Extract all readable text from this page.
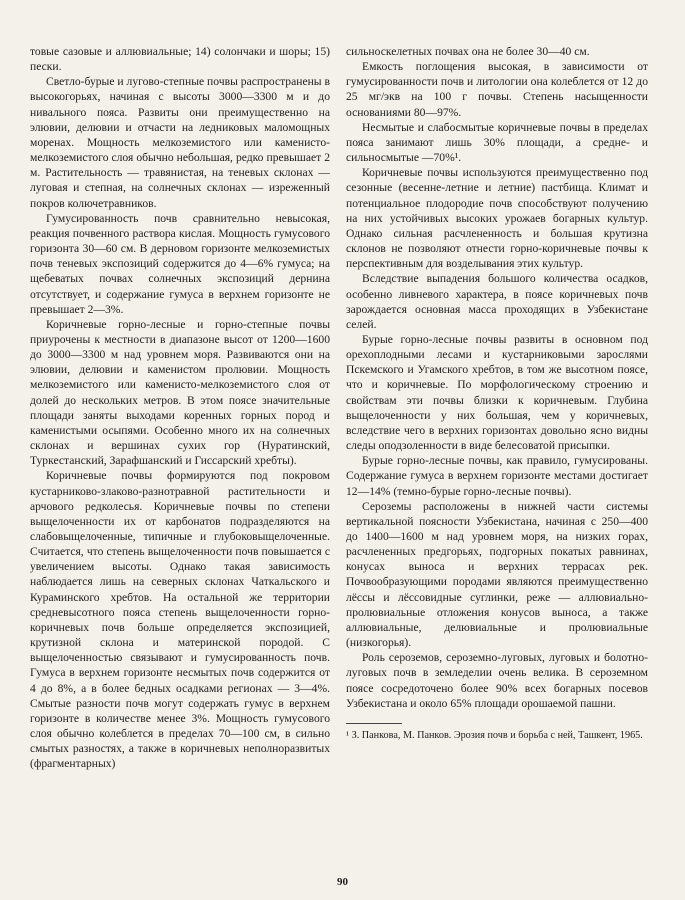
товые сазовые и аллювиальные; 14) солончаки и шоры; 15) пески.

Светло-бурые и лугово-степные почвы распространены в высокогорьях, начиная с высоты 3000—3300 м и до нивального пояса. Развиты они преимущественно на элювии, делювии и отчасти на ледниковых маломощных моренах. Мощность мелкоземистого или каменисто-мелкоземистого слоя обычно небольшая, редко превышает 2 м. Растительность — травянистая, на теневых склонах — луговая и степная, на солнечных склонах — изреженный покров колючетравников.

Гумусированность почв сравнительно невысокая, реакция почвенного раствора кислая. Мощность гумусового горизонта 30—60 см. В дерновом горизонте мелкоземистых почв теневых экспозиций содержится до 4—6% гумуса; на щебеватых почвах солнечных экспозиций дернина отсутствует, и содержание гумуса в верхнем горизонте не превышает 2—3%.

Коричневые горно-лесные и горно-степные почвы приурочены к местности в диапазоне высот от 1200—1600 до 3000—3300 м над уровнем моря. Развиваются они на элювии, делювии и каменистом пролювии. Мощность мелкоземистого или каменисто-мелкоземистого слоя от долей до нескольких метров. В этом поясе значительные площади заняты выходами коренных горных пород и каменистыми осыпями. Особенно много их на солнечных склонах и вершинах сухих гор (Нуратинский, Туркестанский, Зарафшанский и Гиссарский хребты).

Коричневые почвы формируются под покровом кустарниково-злаково-разнотравной растительности и арчового редколесья. Коричневые почвы по степени выщелоченности их от карбонатов подразделяются на слабовыщелоченные, типичные и глубоковыщелоченные. Считается, что степень выщелоченности почв повышается с увеличением высоты. Однако такая зависимость наблюдается лишь на северных склонах Чаткальского и Кураминского хребтов. На остальной же территории средневысотного пояса степень выщелоченности горно-коричневых почв больше определяется экспозицией, крутизной склона и материнской породой. С выщелоченностью связывают и гумусированность почв. Гумуса в верхнем горизонте несмытых почв содержится от 4 до 8%, а в более бедных осадками регионах — 3—4%. Смытые разности почв могут содержать гумус в верхнем горизонте в количестве менее 3%. Мощность гумусового слоя обычно колеблется в пределах 70—100 см, в сильно смытых разностях, а также в коричневых неполноразвитых (фрагментарных)

сильноскелетных почвах она не более 30—40 см.

Емкость поглощения высокая, в зависимости от гумусированности почв и литологии она колеблется от 12 до 25 мг/экв на 100 г почвы. Степень насыщенности основаниями 80—97%.

Несмытые и слабосмытые коричневые почвы в пределах пояса занимают лишь 30% площади, а средне- и сильносмытые —70%¹.

Коричневые почвы используются преимущественно под сезонные (весенне-летние и летние) пастбища. Климат и потенциальное плодородие почв способствуют получению на них устойчивых высоких урожаев богарных культур. Однако сильная расчлененность и большая крутизна склонов не позволяют отнести горно-коричневые почвы к перспективным для возделывания этих культур.

Вследствие выпадения большого количества осадков, особенно ливневого характера, в поясе коричневых почв зарождается основная масса проходящих в Узбекистане селей.

Бурые горно-лесные почвы развиты в основном под орехоплодными лесами и кустарниковыми зарослями Пскемского и Угамского хребтов, в том же высотном поясе, что и коричневые. По морфологическому строению и свойствам эти почвы близки к коричневым. Глубина выщелоченности у них большая, чем у коричневых, вследствие чего в верхних горизонтах довольно ясно видны следы оподзоленности в виде белесоватой присыпки.

Бурые горно-лесные почвы, как правило, гумусированы. Содержание гумуса в верхнем горизонте местами достигает 12—14% (темно-бурые горно-лесные почвы).

Сероземы расположены в нижней части системы вертикальной поясности Узбекистана, начиная с 250—400 до 1400—1600 м над уровнем моря, на низких горах, расчлененных предгорьях, подгорных покатых равнинах, конусах выноса и верхних террасах рек. Почвообразующими породами являются преимущественно лёссы и лёссовидные суглинки, реже — аллювиально-пролювиальные отложения конусов выноса, а также аллювиальные, делювиальные и пролювиальные (низкогорья).

Роль сероземов, сероземно-луговых, луговых и болотно-луговых почв в земледелии очень велика. В сероземном поясе сосредоточено более 90% всех богарных посевов Узбекистана и около 65% площади орошаемой пашни.

¹ З. Панкова, М. Панков. Эрозия почв и борьба с ней, Ташкент, 1965.

90
